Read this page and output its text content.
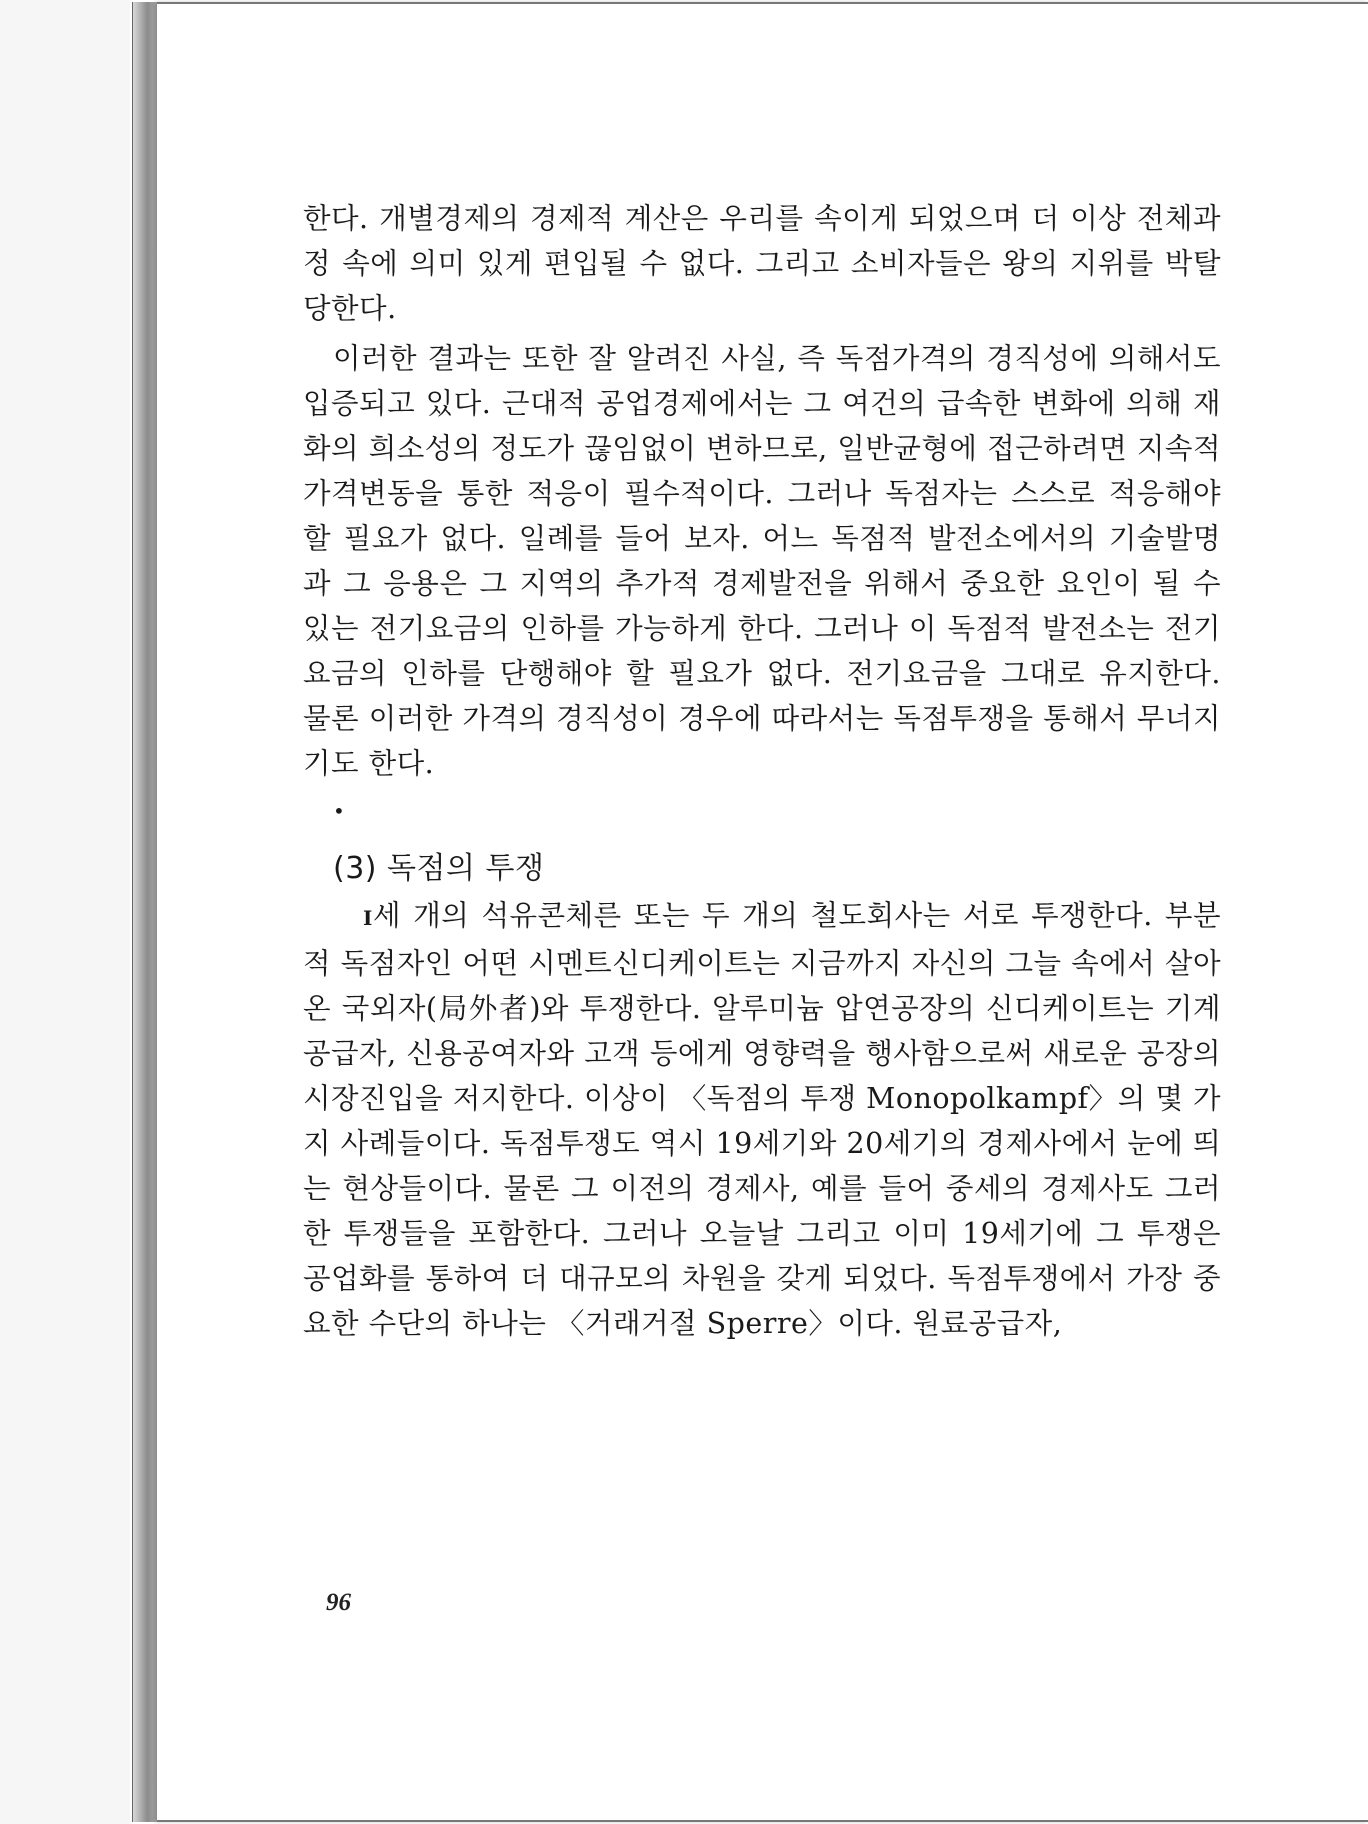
한다. 개별경제의 경제적 계산은 우리를 속이게 되었으며 더 이상 전체과정 속에 의미 있게 편입될 수 없다. 그리고 소비자들은 왕의 지위를 박탈당한다.

이러한 결과는 또한 잘 알려진 사실, 즉 독점가격의 경직성에 의해서도 입증되고 있다. 근대적 공업경제에서는 그 여건의 급속한 변화에 의해 재화의 희소성의 정도가 끊임없이 변하므로, 일반균형에 접근하려면 지속적 가격변동을 통한 적응이 필수적이다. 그러나 독점자는 스스로 적응해야 할 필요가 없다. 일례를 들어 보자. 어느 독점적 발전소에서의 기술발명과 그 응용은 그 지역의 추가적 경제발전을 위해서 중요한 요인이 될 수 있는 전기요금의 인하를 가능하게 한다. 그러나 이 독점적 발전소는 전기요금의 인하를 단행해야 할 필요가 없다. 전기요금을 그대로 유지한다. 물론 이러한 가격의 경직성이 경우에 따라서는 독점투쟁을 통해서 무너지기도 한다.

•
(3) 독점의 투쟁

I세 개의 석유콘체른 또는 두 개의 철도회사는 서로 투쟁한다. 부분적 독점자인 어떤 시멘트신디케이트는 지금까지 자신의 그늘 속에서 살아온 국외자(局外者)와 투쟁한다. 알루미늄 압연공장의 신디케이트는 기계공급자, 신용공여자와 고객 등에게 영향력을 행사함으로써 새로운 공장의 시장진입을 저지한다. 이상이 〈독점의 투쟁 Monopolkampf〉의 몇 가지 사례들이다. 독점투쟁도 역시 19세기와 20세기의 경제사에서 눈에 띄는 현상들이다. 물론 그 이전의 경제사, 예를 들어 중세의 경제사도 그러한 투쟁들을 포함한다. 그러나 오늘날 그리고 이미 19세기에 그 투쟁은 공업화를 통하여 더 대규모의 차원을 갖게 되었다. 독점투쟁에서 가장 중요한 수단의 하나는 〈거래거절 Sperre〉이다. 원료공급자,

96
